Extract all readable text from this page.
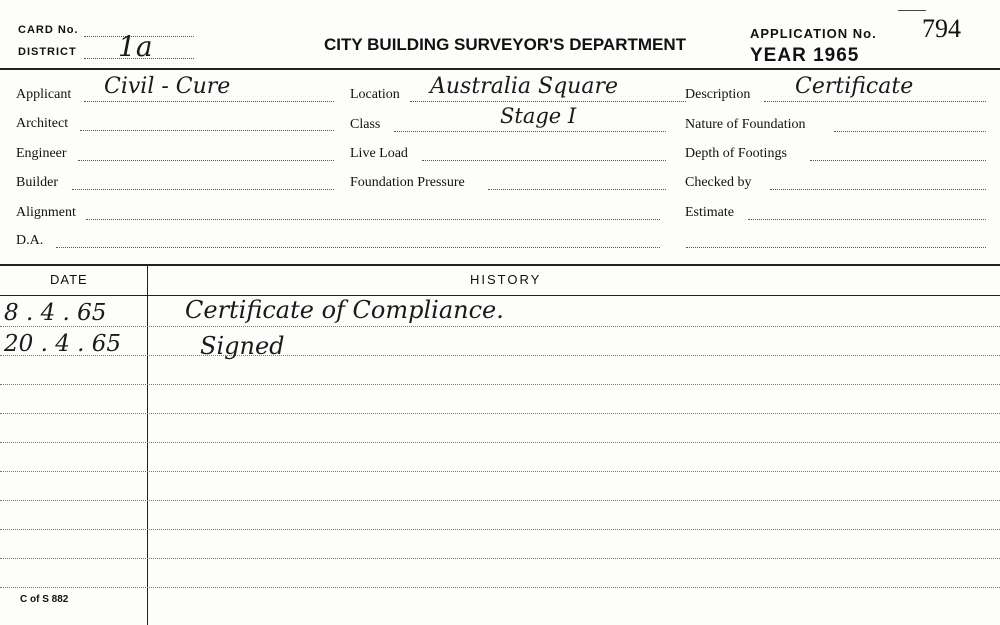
CARD No.
DISTRICT 1a	CITY BUILDING SURVEYOR'S DEPARTMENT
APPLICATION No. 794
YEAR 1965
Applicant Civil - Cure
Architect
Engineer
Builder
Alignment
D.A.
Location Australia Square
Class	Stage I
Live Load
Foundation Pressure
Description Certificate
Nature of Foundation
Depth of Footings
Checked by
Estimate
DATE	HISTORY
8 . 4 . 65	Certificate of Compliance.
20 . 4 . 65	Signed
C of S 882
